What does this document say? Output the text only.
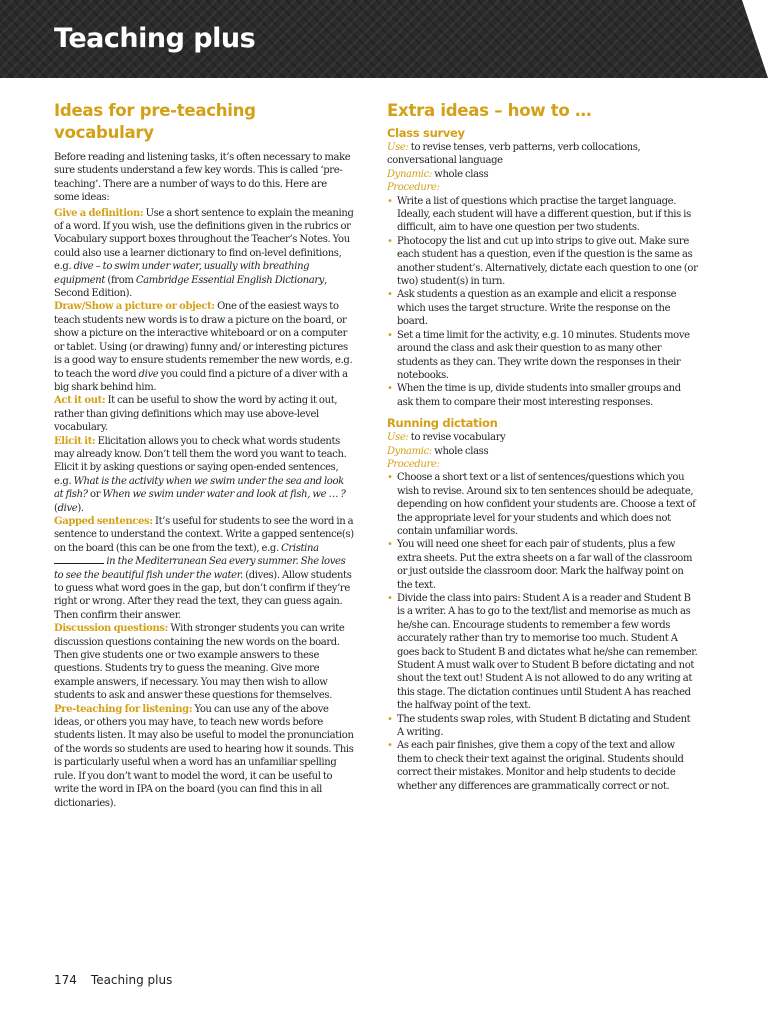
Teaching plus
Ideas for pre-teaching vocabulary

Before reading and listening tasks, it’s often necessary to make sure students understand a few key words. This is called ‘pre-teaching’. There are a number of ways to do this. Here are some ideas:

Give a definition: Use a short sentence to explain the meaning of a word. If you wish, use the definitions given in the rubrics or Vocabulary support boxes throughout the Teacher’s Notes. You could also use a learner dictionary to find on-level definitions, e.g. dive – to swim under water, usually with breathing equipment (from Cambridge Essential English Dictionary, Second Edition).

Draw/Show a picture or object: One of the easiest ways to teach students new words is to draw a picture on the board, or show a picture on the interactive whiteboard or on a computer or tablet. Using (or drawing) funny and/ or interesting pictures is a good way to ensure students remember the new words, e.g. to teach the word dive you could find a picture of a diver with a big shark behind him.

Act it out: It can be useful to show the word by acting it out, rather than giving definitions which may use above-level vocabulary.

Elicit it: Elicitation allows you to check what words students may already know. Don’t tell them the word you want to teach. Elicit it by asking questions or saying open-ended sentences, e.g. What is the activity when we swim under the sea and look at fish? or When we swim under water and look at fish, we … ? (dive).

Gapped sentences: It’s useful for students to see the word in a sentence to understand the context. Write a gapped sentence(s) on the board (this can be one from the text), e.g. Cristina  in the Mediterranean Sea every summer. She loves to see the beautiful fish under the water. (dives). Allow students to guess what word goes in the gap, but don’t confirm if they’re right or wrong. After they read the text, they can guess again. Then confirm their answer.

Discussion questions: With stronger students you can write discussion questions containing the new words on the board. Then give students one or two example answers to these questions. Students try to guess the meaning. Give more example answers, if necessary. You may then wish to allow students to ask and answer these questions for themselves.

Pre-teaching for listening: You can use any of the above ideas, or others you may have, to teach new words before students listen. It may also be useful to model the pronunciation of the words so students are used to hearing how it sounds. This is particularly useful when a word has an unfamiliar spelling rule. If you don’t want to model the word, it can be useful to write the word in IPA on the board (you can find this in all dictionaries).

Extra ideas – how to …
Class survey

Use: to revise tenses, verb patterns, verb collocations, conversational language

Dynamic: whole class

Procedure:

• Write a list of questions which practise the target language. Ideally, each student will have a different question, but if this is difficult, aim to have one question per two students.
• Photocopy the list and cut up into strips to give out. Make sure each student has a question, even if the question is the same as another student’s. Alternatively, dictate each question to one (or two) student(s) in turn.
• Ask students a question as an example and elicit a response which uses the target structure. Write the response on the board.
• Set a time limit for the activity, e.g. 10 minutes. Students move around the class and ask their question to as many other students as they can. They write down the responses in their notebooks.
• When the time is up, divide students into smaller groups and ask them to compare their most interesting responses.
Running dictation

Use: to revise vocabulary

Dynamic: whole class

Procedure:

• Choose a short text or a list of sentences/questions which you wish to revise. Around six to ten sentences should be adequate, depending on how confident your students are. Choose a text of the appropriate level for your students and which does not contain unfamiliar words.
• You will need one sheet for each pair of students, plus a few extra sheets. Put the extra sheets on a far wall of the classroom or just outside the classroom door. Mark the halfway point on the text.
• Divide the class into pairs: Student A is a reader and Student B is a writer. A has to go to the text/list and memorise as much as he/she can. Encourage students to remember a few words accurately rather than try to memorise too much. Student A goes back to Student B and dictates what he/she can remember. Student A must walk over to Student B before dictating and not shout the text out! Student A is not allowed to do any writing at this stage. The dictation continues until Student A has reached the halfway point of the text.
• The students swap roles, with Student B dictating and Student A writing.
• As each pair finishes, give them a copy of the text and allow them to check their text against the original. Students should correct their mistakes. Monitor and help students to decide whether any differences are grammatically correct or not.
174 Teaching plus
